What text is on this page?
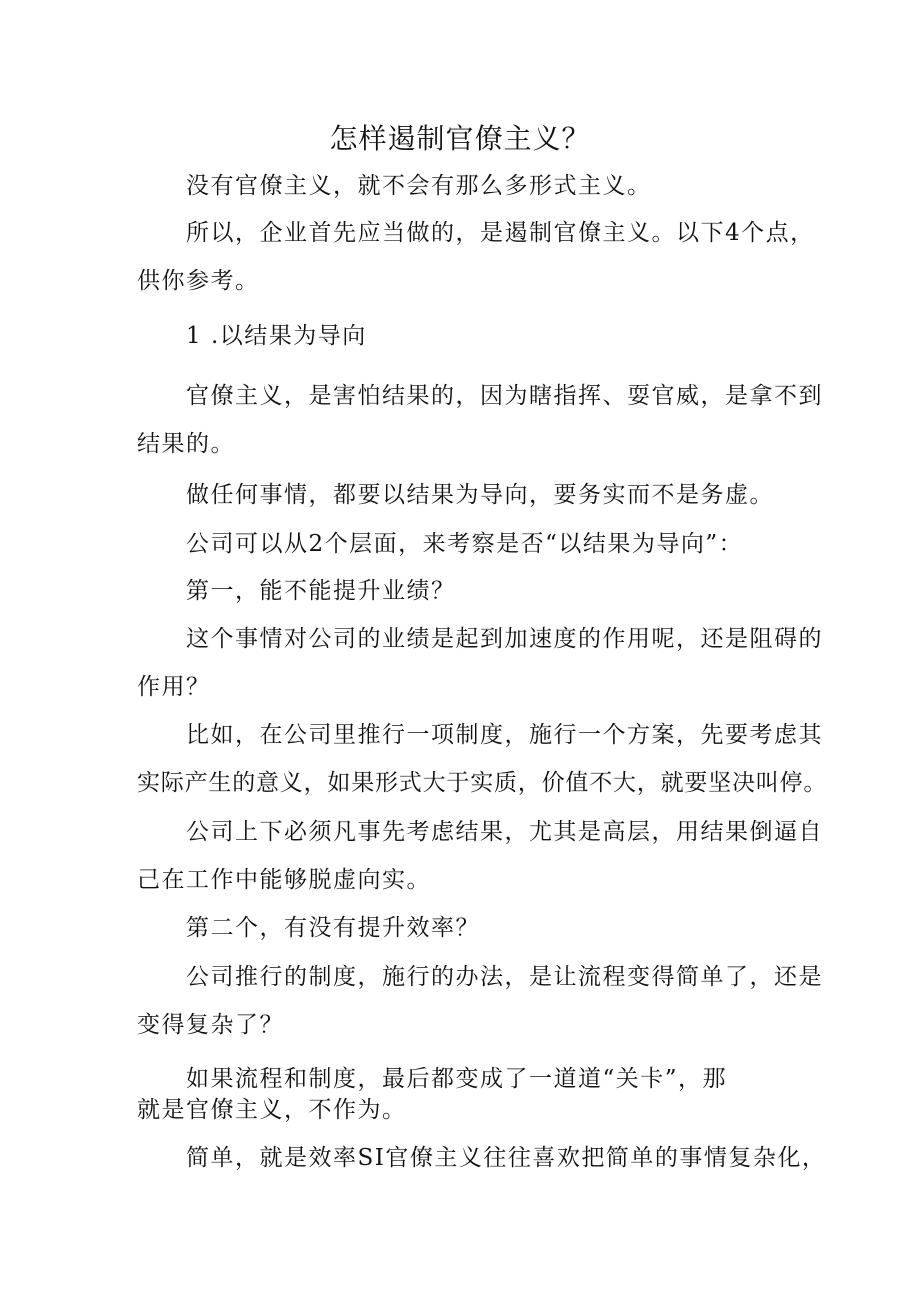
怎样遏制官僚主义？

没有官僚主义，就不会有那么多形式主义。

所以，企业首先应当做的，是遏制官僚主义。以下4个点，

供你参考。

1 .以结果为导向

官僚主义，是害怕结果的，因为瞎指挥、耍官威，是拿不到

结果的。

做任何事情，都要以结果为导向，要务实而不是务虚。

公司可以从2个层面，来考察是否“以结果为导向”：

第一，能不能提升业绩？

这个事情对公司的业绩是起到加速度的作用呢，还是阻碍的

作用？

比如，在公司里推行一项制度，施行一个方案，先要考虑其

实际产生的意义，如果形式大于实质，价值不大，就要坚决叫停。

公司上下必须凡事先考虑结果，尤其是高层，用结果倒逼自

己在工作中能够脱虚向实。

第二个，有没有提升效率？

公司推行的制度，施行的办法，是让流程变得简单了，还是

变得复杂了？

如果流程和制度，最后都变成了一道道“关卡”，那

就是官僚主义，不作为。

简单，就是效率SI官僚主义往往喜欢把简单的事情复杂化，
